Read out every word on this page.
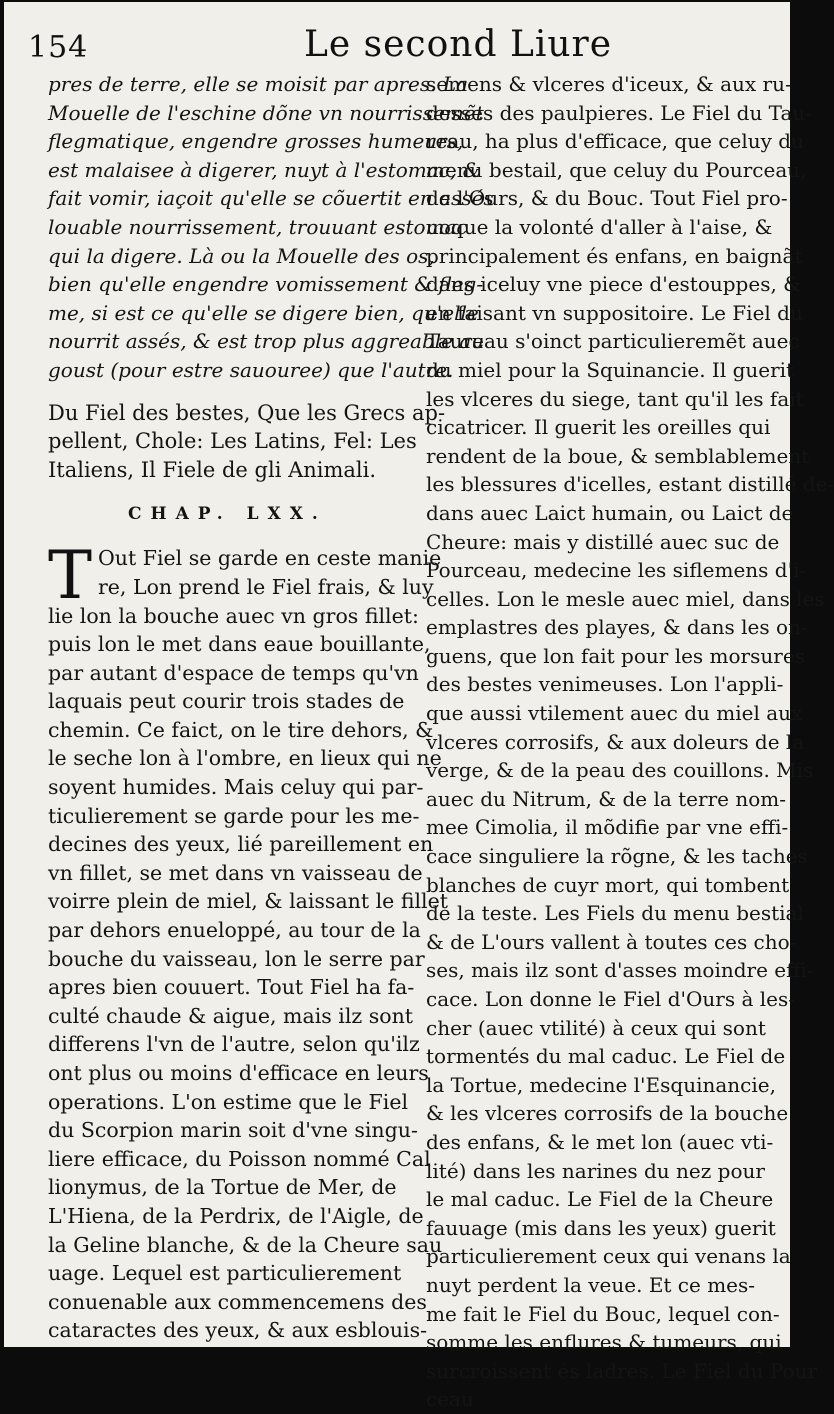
154	Le second Liure
pres de terre, elle se moisit par apres. La
Mouelle de l'eschine dõne vn nourrissemẽt
flegmatique, engendre grosses humeurs,
est malaisee à digerer, nuyt à l'estomac, &
fait vomir, iaçoit qu'elle se cõuertit en assés
louable nourrissement, trouuant estomac
qui la digere. Là ou la Mouelle des os,
bien qu'elle engendre vomissement & fleg-
me, si est ce qu'elle se digere bien, qu'elle
nourrit assés, & est trop plus aggreable au
goust (pour estre sauouree) que l'autre.
Du Fiel des bestes, Que les Grecs ap-
pellent, Chole: Les Latins, Fel: Les
Italiens, Il Fiele de gli Animali.
CHAP. LXX.
T Out Fiel se garde en ceste manie
re, Lon prend le Fiel frais, & luy
lie lon la bouche auec vn gros fillet:
puis lon le met dans eaue bouillante,
par autant d'espace de temps qu'vn
laquais peut courir trois stades de
chemin. Ce faict, on le tire dehors, &
le seche lon à l'ombre, en lieux qui ne
soyent humides. Mais celuy qui par-
ticulierement se garde pour les me-
decines des yeux, lié pareillement en
vn fillet, se met dans vn vaisseau de
voirre plein de miel, & laissant le fillet
par dehors enueloppé, au tour de la
bouche du vaisseau, lon le serre par
apres bien couuert. Tout Fiel ha fa-
culté chaude & aigue, mais ilz sont
differens l'vn de l'autre, selon qu'ilz
ont plus ou moins d'efficace en leurs
operations. L'on estime que le Fiel
du Scorpion marin soit d'vne singu-
liere efficace, du Poisson nommé Cal
lionymus, de la Tortue de Mer, de
L'Hiena, de la Perdrix, de l'Aigle, de
la Geline blanche, & de la Cheure sau
uage. Lequel est particulierement
conuenable aux commencemens des
cataractes des yeux, & aux esblouis-
semens & vlceres d'iceux, & aux ru-
desses des paulpieres. Le Fiel du Tau-
reau, ha plus d'efficace, que celuy du
menu bestail, que celuy du Pourceau,
de l'Ours, & du Bouc. Tout Fiel pro-
uoque la volonté d'aller à l'aise, &
principalement és enfans, en baignãt
dans iceluy vne piece d'estouppes, &
en faisant vn suppositoire. Le Fiel du
Taureau s'oinct particulieremẽt auec
du miel pour la Squinancie. Il guerit
les vlceres du siege, tant qu'il les fait
cicatricer. Il guerit les oreilles qui
rendent de la boue, & semblablement
les blessures d'icelles, estant distillé de-
dans auec Laict humain, ou Laict de
Cheure: mais y distillé auec suc de
Pourceau, medecine les siflemens d'i-
celles. Lon le mesle auec miel, dans les
emplastres des playes, & dans les on-
guens, que lon fait pour les morsures
des bestes venimeuses. Lon l'appli-
que aussi vtilement auec du miel aux
vlceres corrosifs, & aux doleurs de la
verge, & de la peau des couillons. Mis
auec du Nitrum, & de la terre nom-
mee Cimolia, il mõdifie par vne effi-
cace singuliere la rõgne, & les taches
blanches de cuyr mort, qui tombent
de la teste. Les Fiels du menu bestial
& de L'ours vallent à toutes ces cho-
ses, mais ilz sont d'asses moindre effi-
cace. Lon donne le Fiel d'Ours à les-
cher (auec vtilité) à ceux qui sont
tormentés du mal caduc. Le Fiel de
la Tortue, medecine l'Esquinancie,
& les vlceres corrosifs de la bouche
des enfans, & le met lon (auec vti-
lité) dans les narines du nez pour
le mal caduc. Le Fiel de la Cheure
fauuage (mis dans les yeux) guerit
particulierement ceux qui venans la
nuyt perdent la veue. Et ce mes-
me fait le Fiel du Bouc, lequel con-
somme les enflures & tumeurs, qui
surcroissent és ladres. Le Fiel du Pour
ceau
